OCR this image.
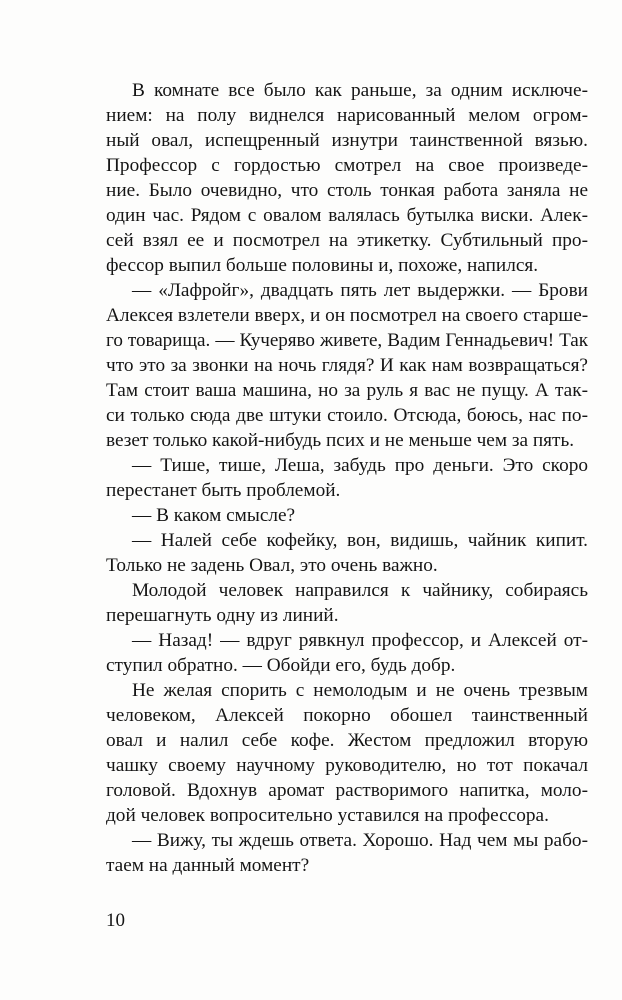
В комнате все было как раньше, за одним исключе-
нием: на полу виднелся нарисованный мелом огром-
ный овал, испещренный изнутри таинственной вязью.
Профессор с гордостью смотрел на свое произведе-
ние. Было очевидно, что столь тонкая работа заняла не
один час. Рядом с овалом валялась бутылка виски. Алек-
сей взял ее и посмотрел на этикетку. Субтильный про-
фессор выпил больше половины и, похоже, напился.
— «Лафройг», двадцать пять лет выдержки. — Брови
Алексея взлетели вверх, и он посмотрел на своего старше-
го товарища. — Кучеряво живете, Вадим Геннадьевич! Так
что это за звонки на ночь глядя? И как нам возвращаться?
Там стоит ваша машина, но за руль я вас не пущу. А так-
си только сюда две штуки стоило. Отсюда, боюсь, нас по-
везет только какой-нибудь псих и не меньше чем за пять.
— Тише, тише, Леша, забудь про деньги. Это скоро
перестанет быть проблемой.
— В каком смысле?
— Налей себе кофейку, вон, видишь, чайник кипит.
Только не задень Овал, это очень важно.
Молодой человек направился к чайнику, собираясь
перешагнуть одну из линий.
— Назад! — вдруг рявкнул профессор, и Алексей от-
ступил обратно. — Обойди его, будь добр.
Не желая спорить с немолодым и не очень трезвым
человеком, Алексей покорно обошел таинственный
овал и налил себе кофе. Жестом предложил вторую
чашку своему научному руководителю, но тот покачал
головой. Вдохнув аромат растворимого напитка, моло-
дой человек вопросительно уставился на профессора.
— Вижу, ты ждешь ответа. Хорошо. Над чем мы рабо-
таем на данный момент?
10
